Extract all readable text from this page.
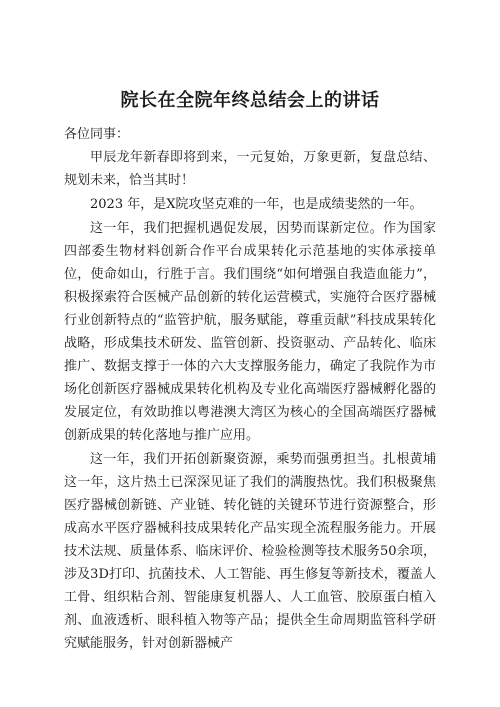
院长在全院年终总结会上的讲话

各位同事：

甲辰龙年新春即将到来，一元复始，万象更新，复盘总结、规划未来，恰当其时！

2023 年，是X院攻坚克难的一年，也是成绩斐然的一年。

这一年，我们把握机遇促发展，因势而谋新定位。作为国家四部委生物材料创新合作平台成果转化示范基地的实体承接单位，使命如山，行胜于言。我们围绕“如何增强自我造血能力”，积极探索符合医械产品创新的转化运营模式，实施符合医疗器械行业创新特点的“监管护航，服务赋能，尊重贡献”科技成果转化战略，形成集技术研发、监管创新、投资驱动、产品转化、临床推广、数据支撑于一体的六大支撑服务能力，确定了我院作为市场化创新医疗器械成果转化机构及专业化高端医疗器械孵化器的发展定位，有效助推以粤港澳大湾区为核心的全国高端医疗器械创新成果的转化落地与推广应用。

这一年，我们开拓创新聚资源，乘势而强勇担当。扎根黄埔这一年，这片热土已深深见证了我们的满腹热忱。我们积极聚焦医疗器械创新链、产业链、转化链的关键环节进行资源整合，形成高水平医疗器械科技成果转化产品实现全流程服务能力。开展技术法规、质量体系、临床评价、检验检测等技术服务50余项，涉及3D打印、抗菌技术、人工智能、再生修复等新技术，覆盖人工骨、组织粘合剂、智能康复机器人、人工血管、胶原蛋白植入剂、血液透析、眼科植入物等产品；提供全生命周期监管科学研究赋能服务，针对创新器械产
